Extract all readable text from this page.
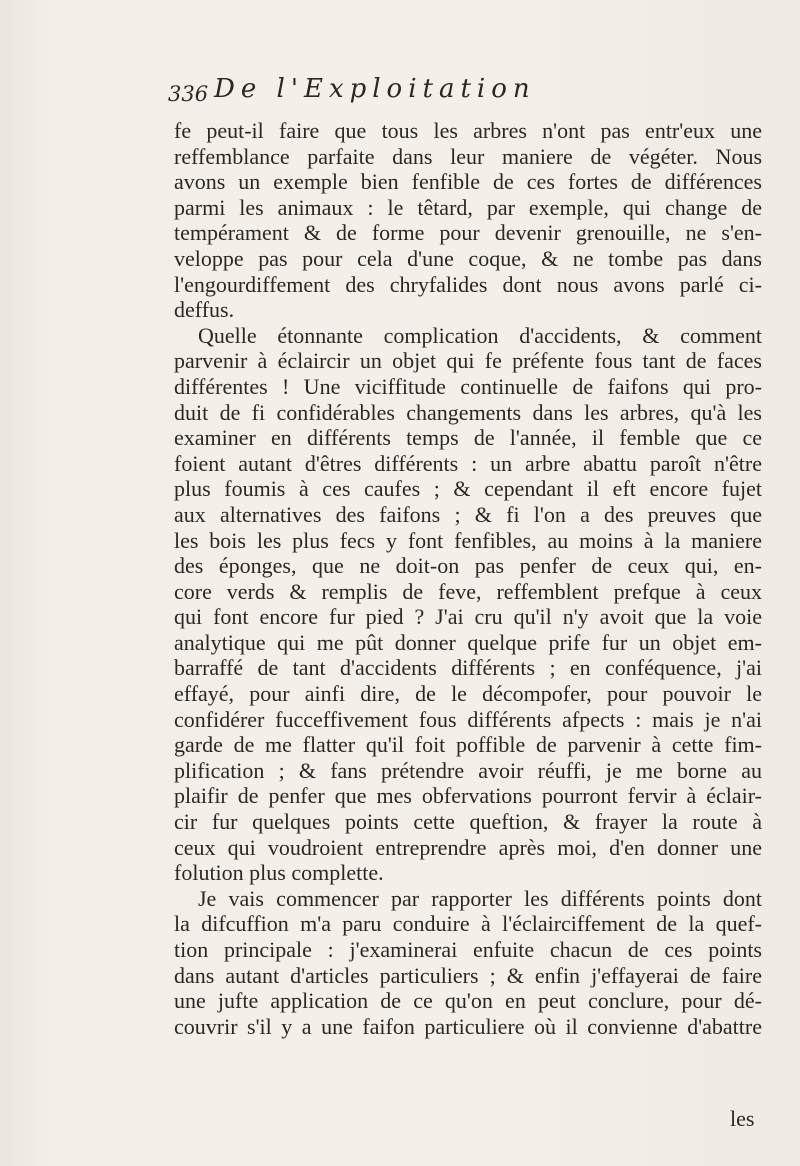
336 De l'Exploitation
fe peut-il faire que tous les arbres n'ont pas entr'eux une
reffemblance parfaite dans leur maniere de végéter. Nous
avons un exemple bien fenfible de ces fortes de différences
parmi les animaux : le têtard, par exemple, qui change de
tempérament & de forme pour devenir grenouille, ne s'en-
veloppe pas pour cela d'une coque, & ne tombe pas dans
l'engourdiffement des chryfalides dont nous avons parlé ci-
deffus.
Quelle étonnante complication d'accidents, & comment
parvenir à éclaircir un objet qui fe préfente fous tant de faces
différentes ! Une viciffitude continuelle de faifons qui pro-
duit de fi confidérables changements dans les arbres, qu'à les
examiner en différents temps de l'année, il femble que ce
foient autant d'êtres différents : un arbre abattu paroît n'être
plus foumis à ces caufes ; & cependant il eft encore fujet
aux alternatives des faifons ; & fi l'on a des preuves que
les bois les plus fecs y font fenfibles, au moins à la maniere
des éponges, que ne doit-on pas penfer de ceux qui, en-
core verds & remplis de feve, reffemblent prefque à ceux
qui font encore fur pied ? J'ai cru qu'il n'y avoit que la voie
analytique qui me pût donner quelque prife fur un objet em-
barraffé de tant d'accidents différents ; en conféquence, j'ai
effayé, pour ainfi dire, de le décompofer, pour pouvoir le
confidérer fucceffivement fous différents afpects : mais je n'ai
garde de me flatter qu'il foit poffible de parvenir à cette fim-
plification ; & fans prétendre avoir réuffi, je me borne au
plaifir de penfer que mes obfervations pourront fervir à éclair-
cir fur quelques points cette queftion, & frayer la route à
ceux qui voudroient entreprendre après moi, d'en donner une
folution plus complette.
Je vais commencer par rapporter les différents points dont
la difcuffion m'a paru conduire à l'éclairciffement de la quef-
tion principale : j'examinerai enfuite chacun de ces points
dans autant d'articles particuliers ; & enfin j'effayerai de faire
une jufte application de ce qu'on en peut conclure, pour dé-
couvrir s'il y a une faifon particuliere où il convienne d'abattre
les
